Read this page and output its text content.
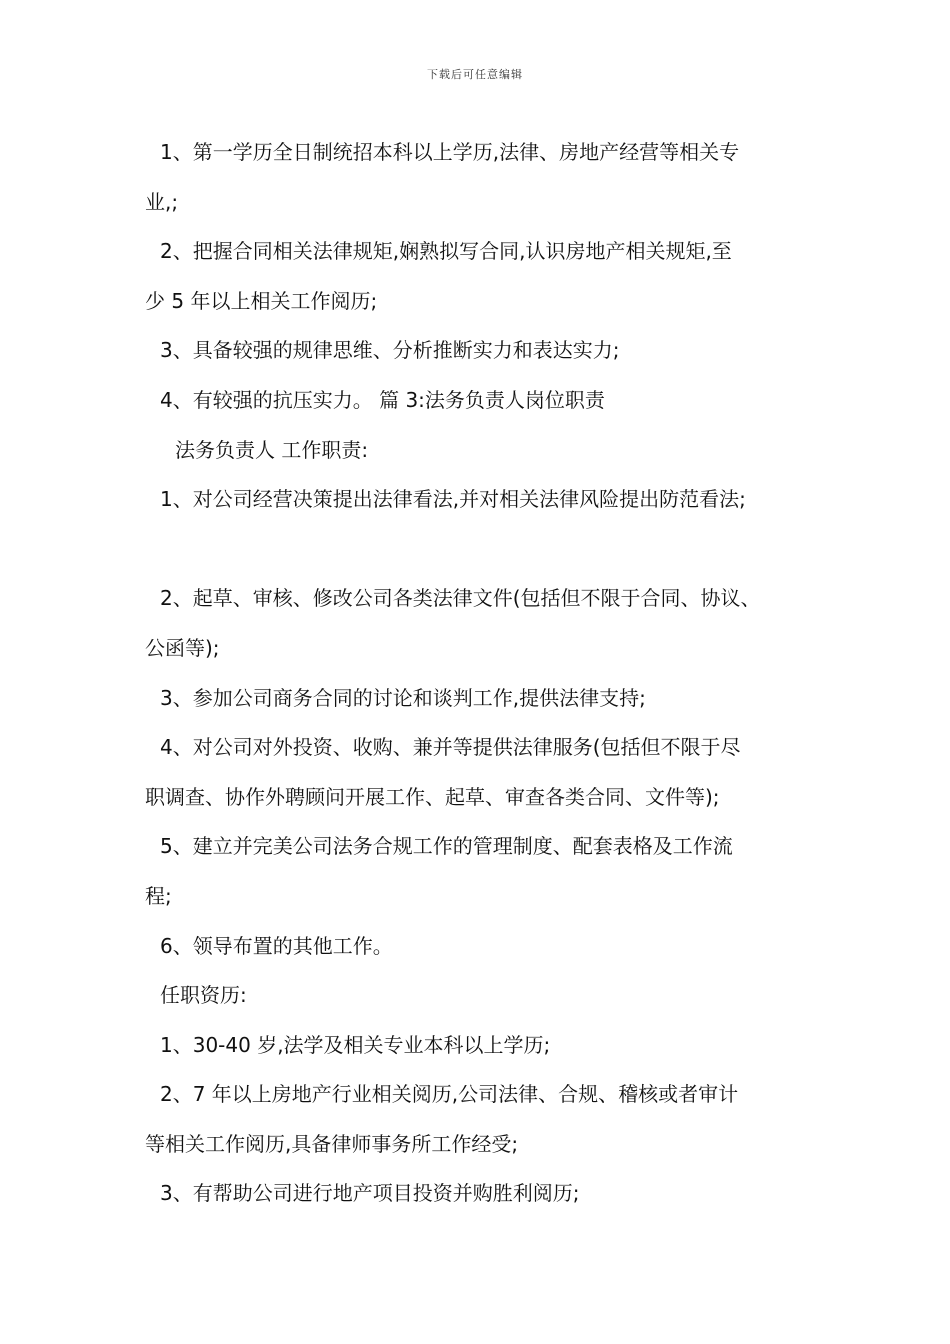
下载后可任意编辑
1、第一学历全日制统招本科以上学历,法律、房地产经营等相关专
业,;
2、把握合同相关法律规矩,娴熟拟写合同,认识房地产相关规矩,至
少 5 年以上相关工作阅历;
3、具备较强的规律思维、分析推断实力和表达实力;
4、有较强的抗压实力。 篇 3:法务负责人岗位职责
法务负责人 工作职责:
1、对公司经营决策提出法律看法,并对相关法律风险提出防范看法;
2、起草、审核、修改公司各类法律文件(包括但不限于合同、协议、
公函等);
3、参加公司商务合同的讨论和谈判工作,提供法律支持;
4、对公司对外投资、收购、兼并等提供法律服务(包括但不限于尽
职调查、协作外聘顾问开展工作、起草、审查各类合同、文件等);
5、建立并完美公司法务合规工作的管理制度、配套表格及工作流
程;
6、领导布置的其他工作。
任职资历:
1、30-40 岁,法学及相关专业本科以上学历;
2、7 年以上房地产行业相关阅历,公司法律、合规、稽核或者审计
等相关工作阅历,具备律师事务所工作经受;
3、有帮助公司进行地产项目投资并购胜利阅历;
